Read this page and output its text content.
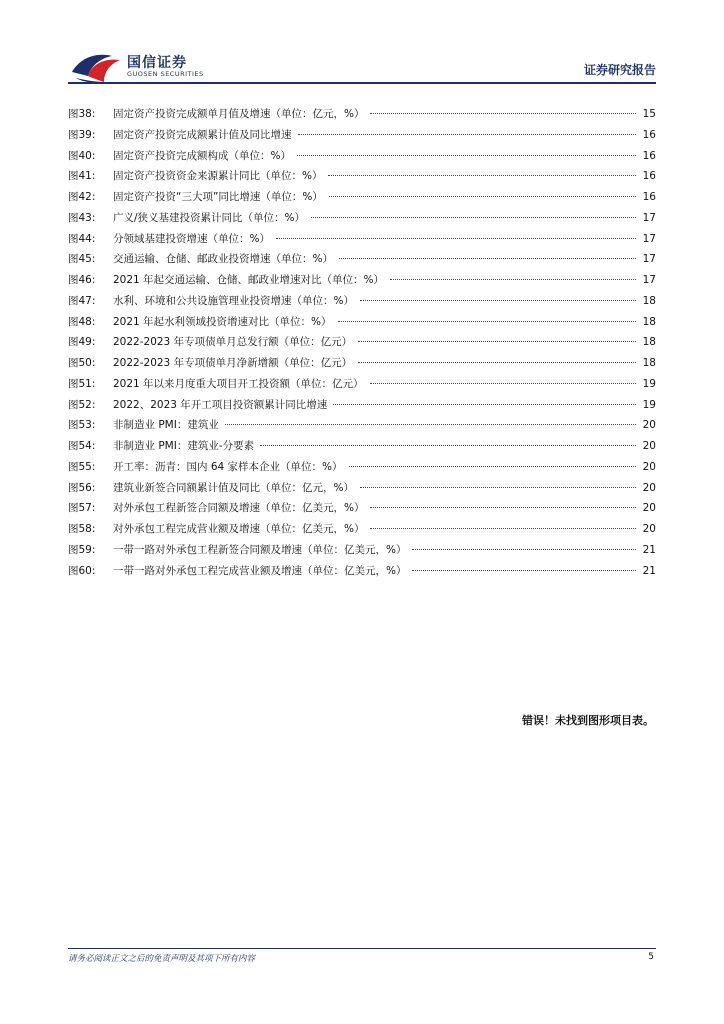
国信证券
GUOSEN SECURITIES	证券研究报告
图38:	固定资产投资完成额单月值及增速（单位：亿元，%）	15
图39:	固定资产投资完成额累计值及同比增速	16
图40:	固定资产投资完成额构成（单位：%）	16
图41:	固定资产投资资金来源累计同比（单位：%）	16
图42:	固定资产投资“三大项”同比增速（单位：%）	16
图43:	广义/狭义基建投资累计同比（单位：%）	17
图44:	分领域基建投资增速（单位：%）	17
图45:	交通运输、仓储、邮政业投资增速（单位：%）	17
图46:	2021 年起交通运输、仓储、邮政业增速对比（单位：%）	17
图47:	水利、环境和公共设施管理业投资增速（单位：%）	18
图48:	2021 年起水利领域投资增速对比（单位：%）	18
图49:	2022-2023 年专项债单月总发行额（单位：亿元）	18
图50:	2022-2023 年专项债单月净新增额（单位：亿元）	18
图51:	2021 年以来月度重大项目开工投资额（单位：亿元）	19
图52:	2022、2023 年开工项目投资额累计同比增速	19
图53:	非制造业 PMI：建筑业	20
图54:	非制造业 PMI：建筑业-分要素	20
图55:	开工率：沥青：国内 64 家样本企业（单位：%）	20
图56:	建筑业新签合同额累计值及同比（单位：亿元，%）	20
图57:	对外承包工程新签合同额及增速（单位：亿美元，%）	20
图58:	对外承包工程完成营业额及增速（单位：亿美元，%）	20
图59:	一带一路对外承包工程新签合同额及增速（单位：亿美元，%）	21
图60:	一带一路对外承包工程完成营业额及增速（单位：亿美元，%）	21
错误！未找到图形项目表。
请务必阅读正文之后的免责声明及其项下所有内容	5
